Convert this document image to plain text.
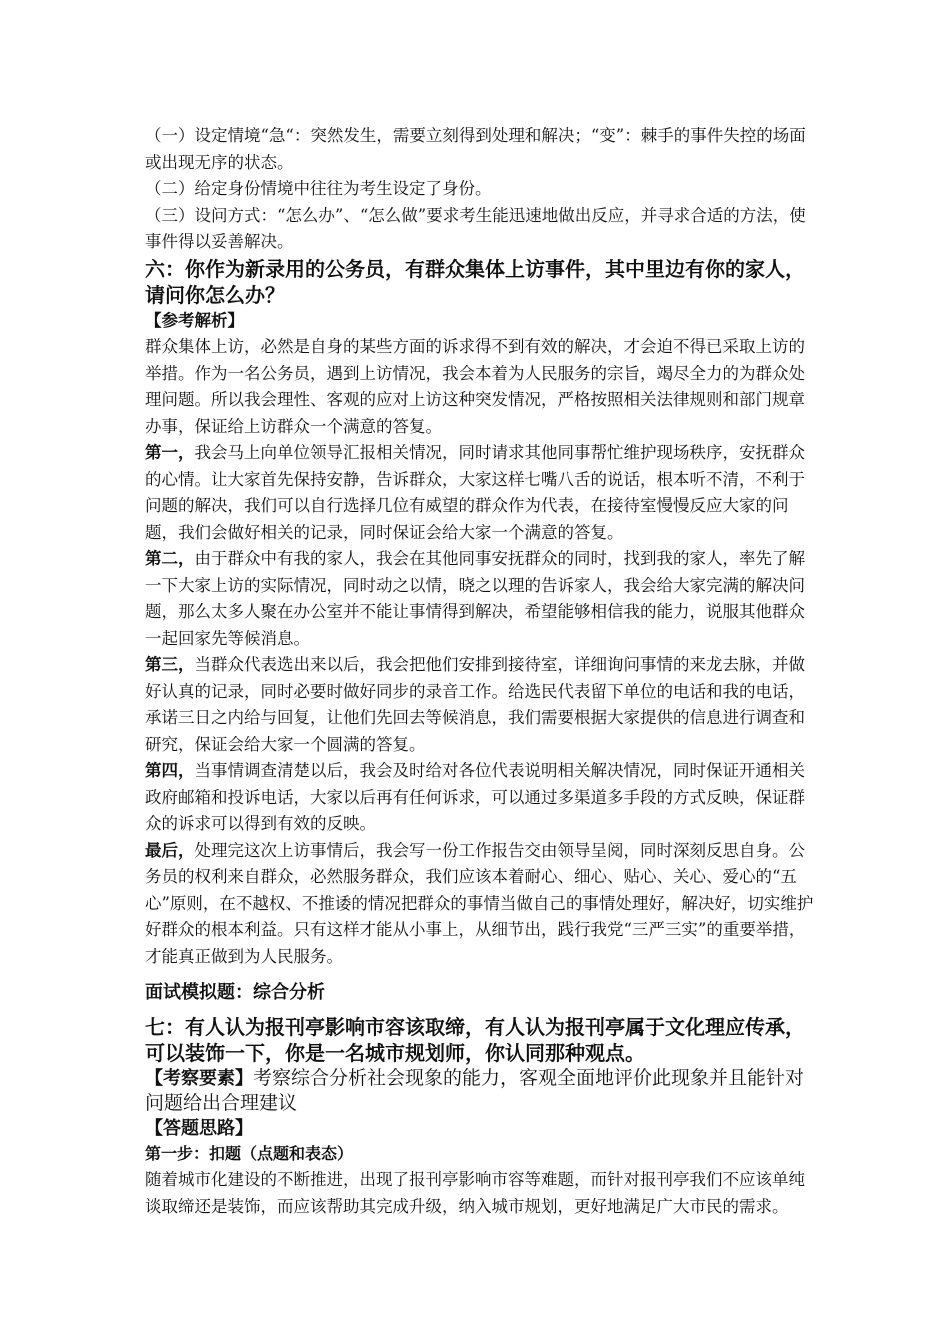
（一）设定情境“急“：突然发生，需要立刻得到处理和解决；“变”：棘手的事件失控的场面或出现无序的状态。

（二）给定身份情境中往往为考生设定了身份。

（三）设问方式：“怎么办”、“怎么做”要求考生能迅速地做出反应，并寻求合适的方法，使事件得以妥善解决。

六：你作为新录用的公务员，有群众集体上访事件，其中里边有你的家人，请问你怎么办？

【参考解析】

群众集体上访，必然是自身的某些方面的诉求得不到有效的解决，才会迫不得已采取上访的举措。作为一名公务员，遇到上访情况，我会本着为人民服务的宗旨，竭尽全力的为群众处理问题。所以我会理性、客观的应对上访这种突发情况，严格按照相关法律规则和部门规章办事，保证给上访群众一个满意的答复。

第一，我会马上向单位领导汇报相关情况，同时请求其他同事帮忙维护现场秩序，安抚群众的心情。让大家首先保持安静，告诉群众，大家这样七嘴八舌的说话，根本听不清，不利于问题的解决，我们可以自行选择几位有威望的群众作为代表，在接待室慢慢反应大家的问题，我们会做好相关的记录，同时保证会给大家一个满意的答复。

第二，由于群众中有我的家人，我会在其他同事安抚群众的同时，找到我的家人，率先了解一下大家上访的实际情况，同时动之以情，晓之以理的告诉家人，我会给大家完满的解决问题，那么太多人聚在办公室并不能让事情得到解决，希望能够相信我的能力，说服其他群众一起回家先等候消息。

第三，当群众代表选出来以后，我会把他们安排到接待室，详细询问事情的来龙去脉，并做好认真的记录，同时必要时做好同步的录音工作。给选民代表留下单位的电话和我的电话，承诺三日之内给与回复，让他们先回去等候消息，我们需要根据大家提供的信息进行调查和研究，保证会给大家一个圆满的答复。

第四，当事情调查清楚以后，我会及时给对各位代表说明相关解决情况，同时保证开通相关政府邮箱和投诉电话，大家以后再有任何诉求，可以通过多渠道多手段的方式反映，保证群众的诉求可以得到有效的反映。

最后，处理完这次上访事情后，我会写一份工作报告交由领导呈阅，同时深刻反思自身。公务员的权利来自群众，必然服务群众，我们应该本着耐心、细心、贴心、关心、爱心的“五心”原则，在不越权、不推诿的情况把群众的事情当做自己的事情处理好，解决好，切实维护好群众的根本利益。只有这样才能从小事上，从细节出，践行我党“三严三实”的重要举措，才能真正做到为人民服务。

面试模拟题：综合分析

七：有人认为报刊亭影响市容该取缔，有人认为报刊亭属于文化理应传承，可以装饰一下，你是一名城市规划师，你认同那种观点。

【考察要素】考察综合分析社会现象的能力，客观全面地评价此现象并且能针对问题给出合理建议

【答题思路】

第一步：扣题（点题和表态）

随着城市化建设的不断推进，出现了报刊亭影响市容等难题，而针对报刊亭我们不应该单纯谈取缔还是装饰，而应该帮助其完成升级，纳入城市规划，更好地满足广大市民的需求。
